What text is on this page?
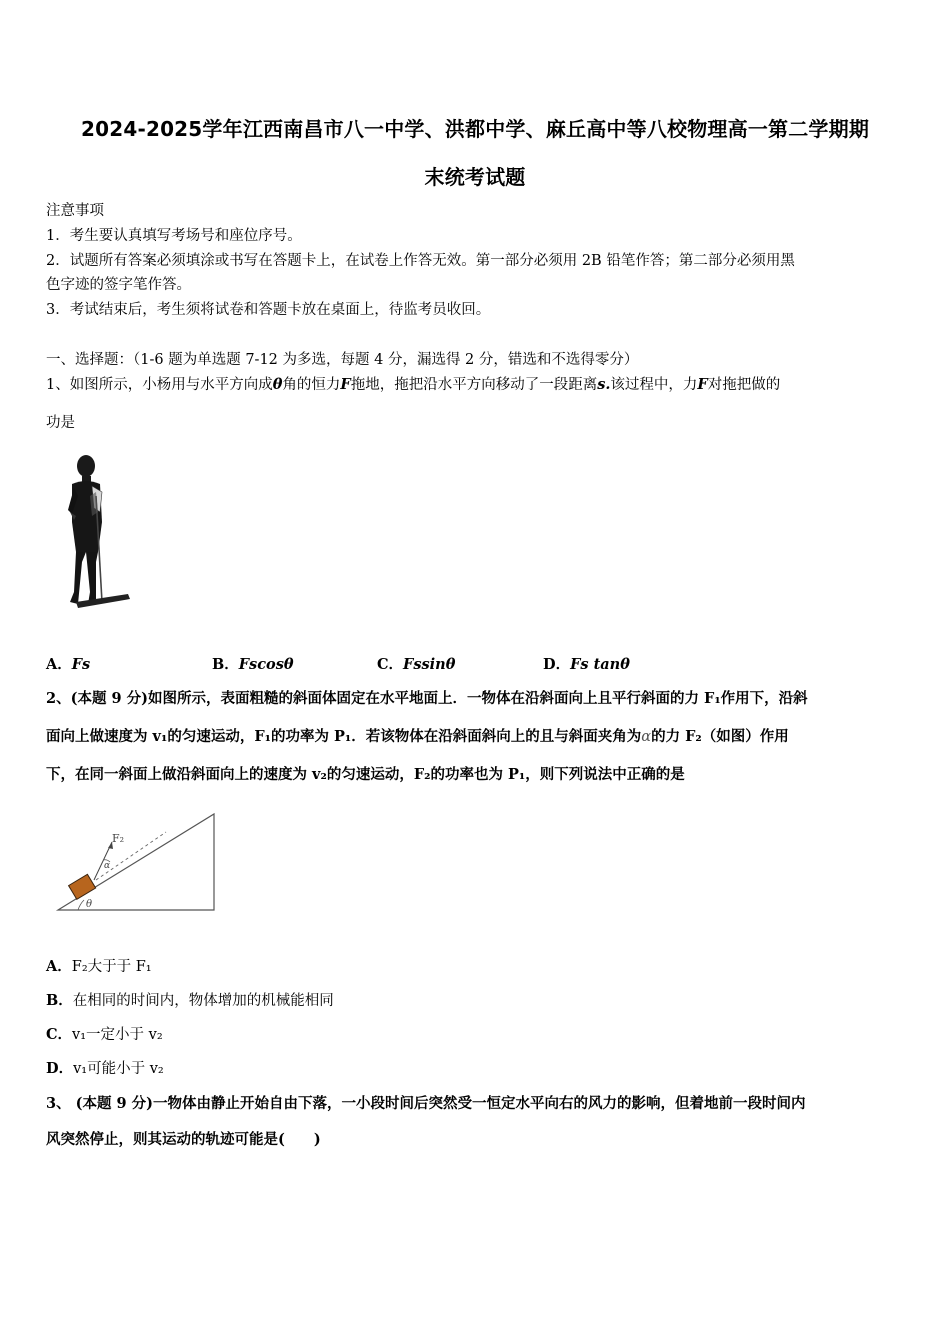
2024-2025学年江西南昌市八一中学、洪都中学、麻丘高中等八校物理高一第二学期期
末统考试题
注意事项
1．考生要认真填写考场号和座位序号。
2．试题所有答案必须填涂或书写在答题卡上，在试卷上作答无效。第一部分必须用 2B 铅笔作答；第二部分必须用黑
色字迹的签字笔作答。
3．考试结束后，考生须将试卷和答题卡放在桌面上，待监考员收回。
一、选择题：（1-6 题为单选题 7-12 为多选，每题 4 分，漏选得 2 分，错选和不选得零分）
1、如图所示，小杨用与水平方向成θ角的恒力F拖地，拖把沿水平方向移动了一段距离s.该过程中，力F对拖把做的
功是
A．Fs	B．Fscosθ	C．Fssinθ	D．Fs tanθ
2、(本题 9 分)如图所示，表面粗糙的斜面体固定在水平地面上．一物体在沿斜面向上且平行斜面的力 F₁作用下，沿斜
面向上做速度为 v₁的匀速运动，F₁的功率为 P₁．若该物体在沿斜面斜向上的且与斜面夹角为α的力 F₂（如图）作用
下，在同一斜面上做沿斜面向上的速度为 v₂的匀速运动，F₂的功率也为 P₁，则下列说法中正确的是
F₂
α
θ
A．F₂大于于 F₁
B．在相同的时间内，物体增加的机械能相同
C．v₁一定小于 v₂
D．v₁可能小于 v₂
3、 (本题 9 分)一物体由静止开始自由下落，一小段时间后突然受一恒定水平向右的风力的影响，但着地前一段时间内
风突然停止，则其运动的轨迹可能是(　　)
